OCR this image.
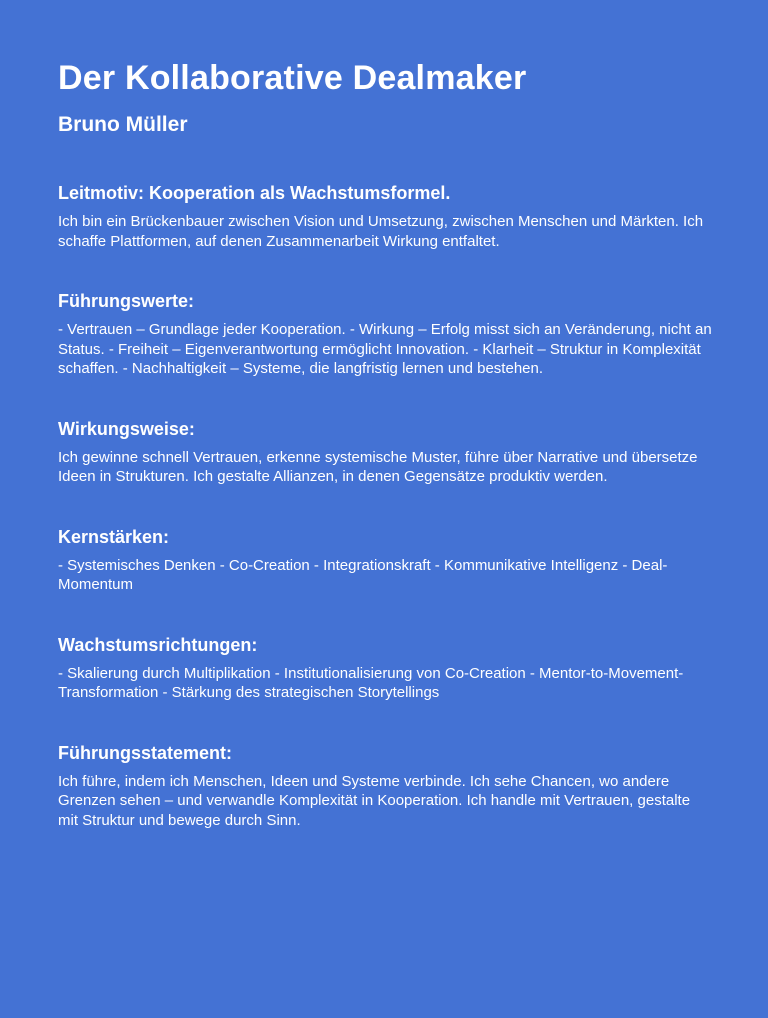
Der Kollaborative Dealmaker
Bruno Müller
Leitmotiv: Kooperation als Wachstumsformel.

Ich bin ein Brückenbauer zwischen Vision und Umsetzung, zwischen Menschen und Märkten. Ich schaffe Plattformen, auf denen Zusammenarbeit Wirkung entfaltet.

Führungswerte:

- Vertrauen – Grundlage jeder Kooperation. - Wirkung – Erfolg misst sich an Veränderung, nicht an Status. - Freiheit – Eigenverantwortung ermöglicht Innovation. - Klarheit – Struktur in Komplexität schaffen. - Nachhaltigkeit – Systeme, die langfristig lernen und bestehen.

Wirkungsweise:

Ich gewinne schnell Vertrauen, erkenne systemische Muster, führe über Narrative und übersetze Ideen in Strukturen. Ich gestalte Allianzen, in denen Gegensätze produktiv werden.

Kernstärken:

- Systemisches Denken - Co-Creation - Integrationskraft - Kommunikative Intelligenz - Deal-Momentum

Wachstumsrichtungen:

- Skalierung durch Multiplikation - Institutionalisierung von Co-Creation - Mentor-to-Movement-Transformation - Stärkung des strategischen Storytellings

Führungsstatement:

Ich führe, indem ich Menschen, Ideen und Systeme verbinde. Ich sehe Chancen, wo andere Grenzen sehen – und verwandle Komplexität in Kooperation. Ich handle mit Vertrauen, gestalte mit Struktur und bewege durch Sinn.
